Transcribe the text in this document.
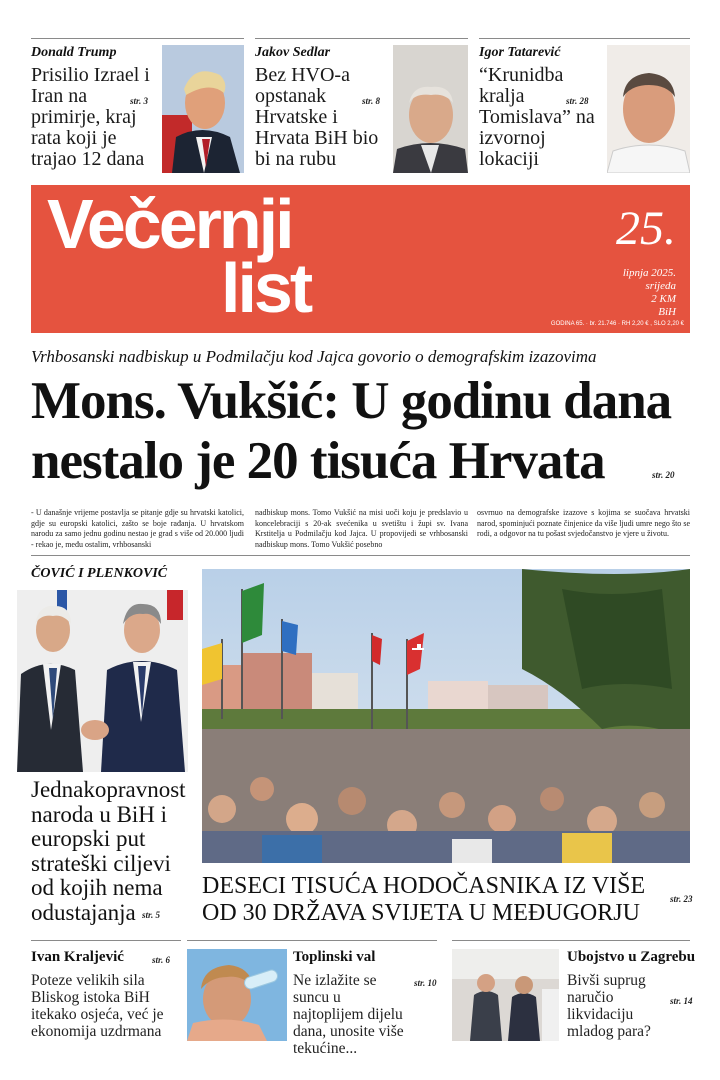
Donald Trump
Prisilio Izrael i Iran na primirje, kraj rata koji je trajao 12 dana
str. 3
Jakov Sedlar
Bez HVO-a opstanak Hrvatske i Hrvata BiH bio bi na rubu
str. 8
Igor Tatarević
“Krunidba kralja Tomislava” na izvornoj lokaciji
str. 28
Večernji
list
25.
lipnja 2025.
srijeda
2 KM
BiH
GODINA 65. · br. 21.746 · RH 2,20 € , SLO 2,20 €
Vrhbosanski nadbiskup u Podmilačju kod Jajca govorio o demografskim izazovima
Mons. Vukšić: U godinu dana
nestalo je 20 tisuća Hrvata	str. 20
- U današnje vrijeme postavlja se pitanje gdje su hrvatski katolici, gdje su europski katolici, zašto se boje rađanja. U hrvatskom narodu za samo jednu godinu nestao je grad s više od 20.000 ljudi - rekao je, među ostalim, vrhbosanski
nadbiskup mons. Tomo Vukšić na misi uoči koju je predslavio u koncelebraciji s 20-ak svećenika u svetištu i župi sv. Ivana Krstitelja u Podmilačju kod Jajca. U propovijedi se vrhbosanski nadbiskup mons. Tomo Vukšić posebno
osvrnuo na demografske izazove s kojima se suočava hrvatski narod, spominjući poznate činjenice da više ljudi umre nego što se rodi, a odgovor na tu pošast svjedočanstvo je vjere u životu.
ČOVIĆ I PLENKOVIĆ
Jednakopravnost naroda u BiH i europski put strateški ciljevi od kojih nema odustajanja str. 5
DESECI TISUĆA HODOČASNIKA IZ VIŠE
OD 30 DRŽAVA SVIJETA U MEĐUGORJU
str. 23
Ivan Kraljević	str. 6
Poteze velikih sila Bliskog istoka BiH itekako osjeća, već je ekonomija uzdrmana
Toplinski val
str. 10
Ne izlažite se suncu u najtoplijem dijelu dana, unosite više tekućine...
Ubojstvo u Zagrebu
str. 14
Bivši suprug naručio likvidaciju mladog para?
